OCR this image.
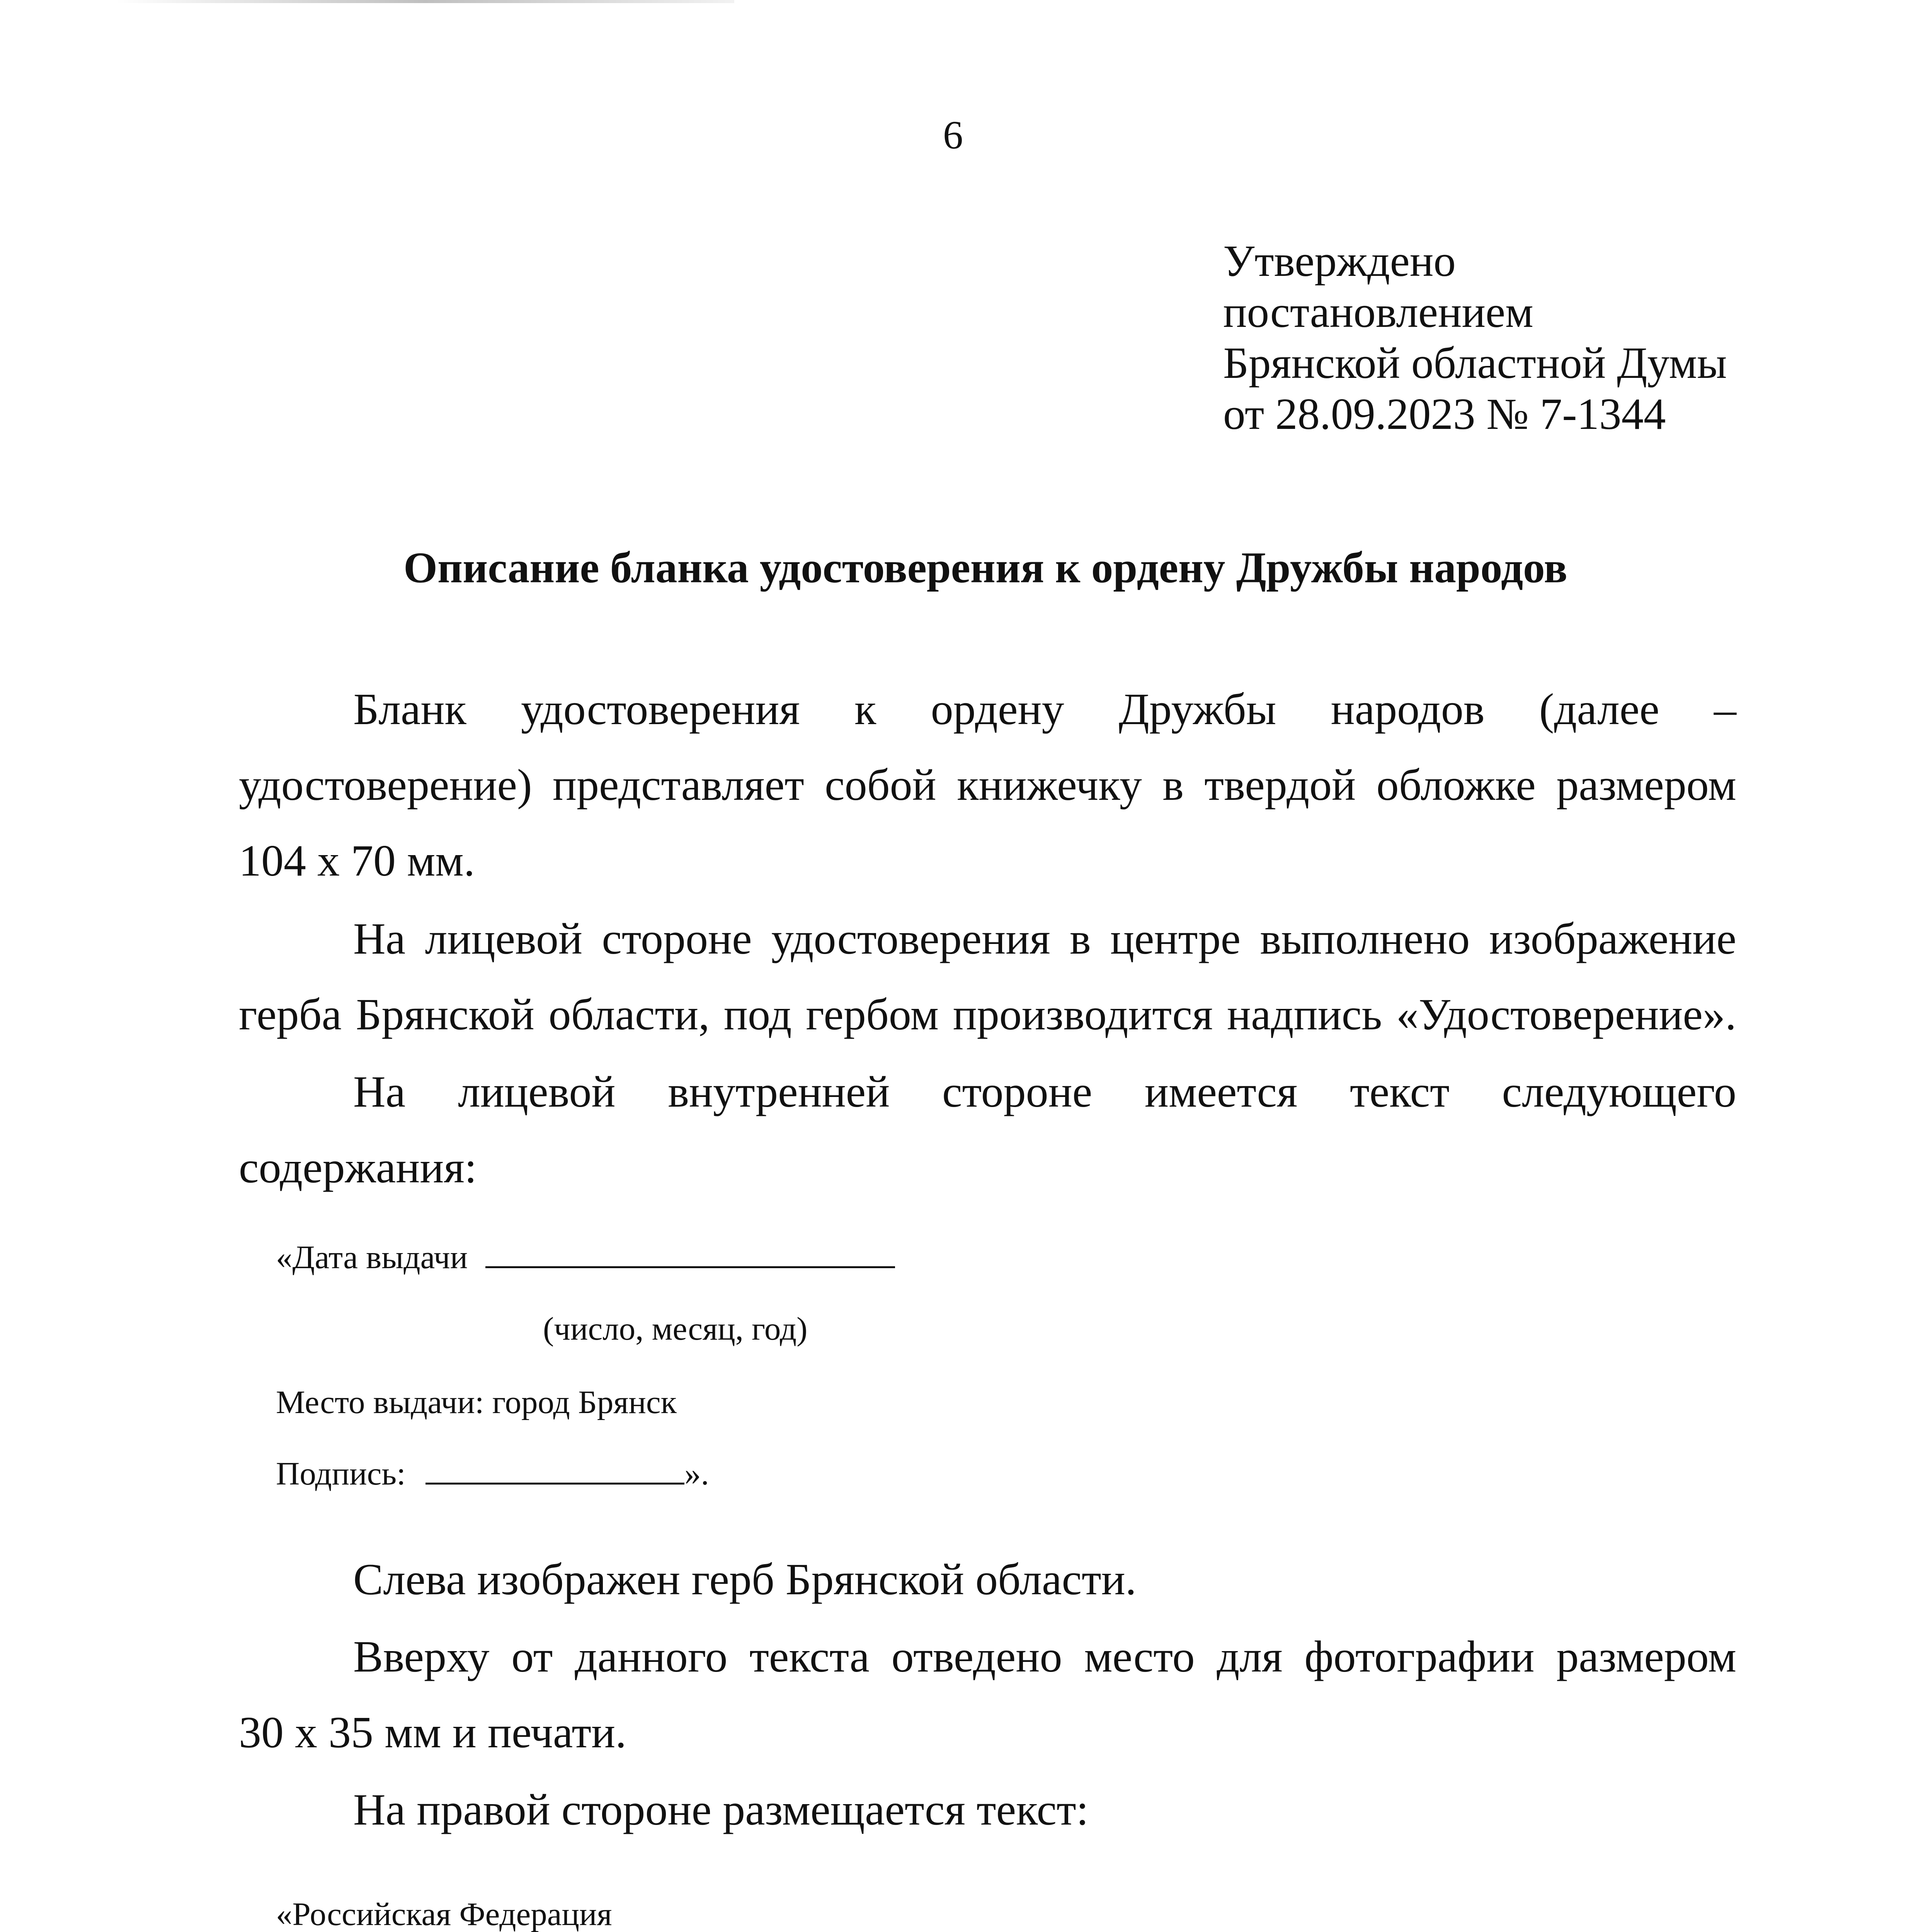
6
Утверждено
постановлением
Брянской областной Думы
от 28.09.2023 № 7-1344
Описание бланка удостоверения к ордену Дружбы народов
Бланк удостоверения к ордену Дружбы народов (далее –
удостоверение) представляет собой книжечку в твердой обложке размером
104 х 70 мм.
На лицевой стороне удостоверения в центре выполнено изображение
герба Брянской области, под гербом производится надпись «Удостоверение».
На лицевой внутренней стороне имеется текст следующего
содержания:
«Дата выдачи
(число, месяц, год)
Место выдачи: город Брянск
Подпись:	».
Слева изображен герб Брянской области.
Вверху от данного текста отведено место для фотографии размером
30 х 35 мм и печати.
На правой стороне размещается текст:
«Российская Федерация
